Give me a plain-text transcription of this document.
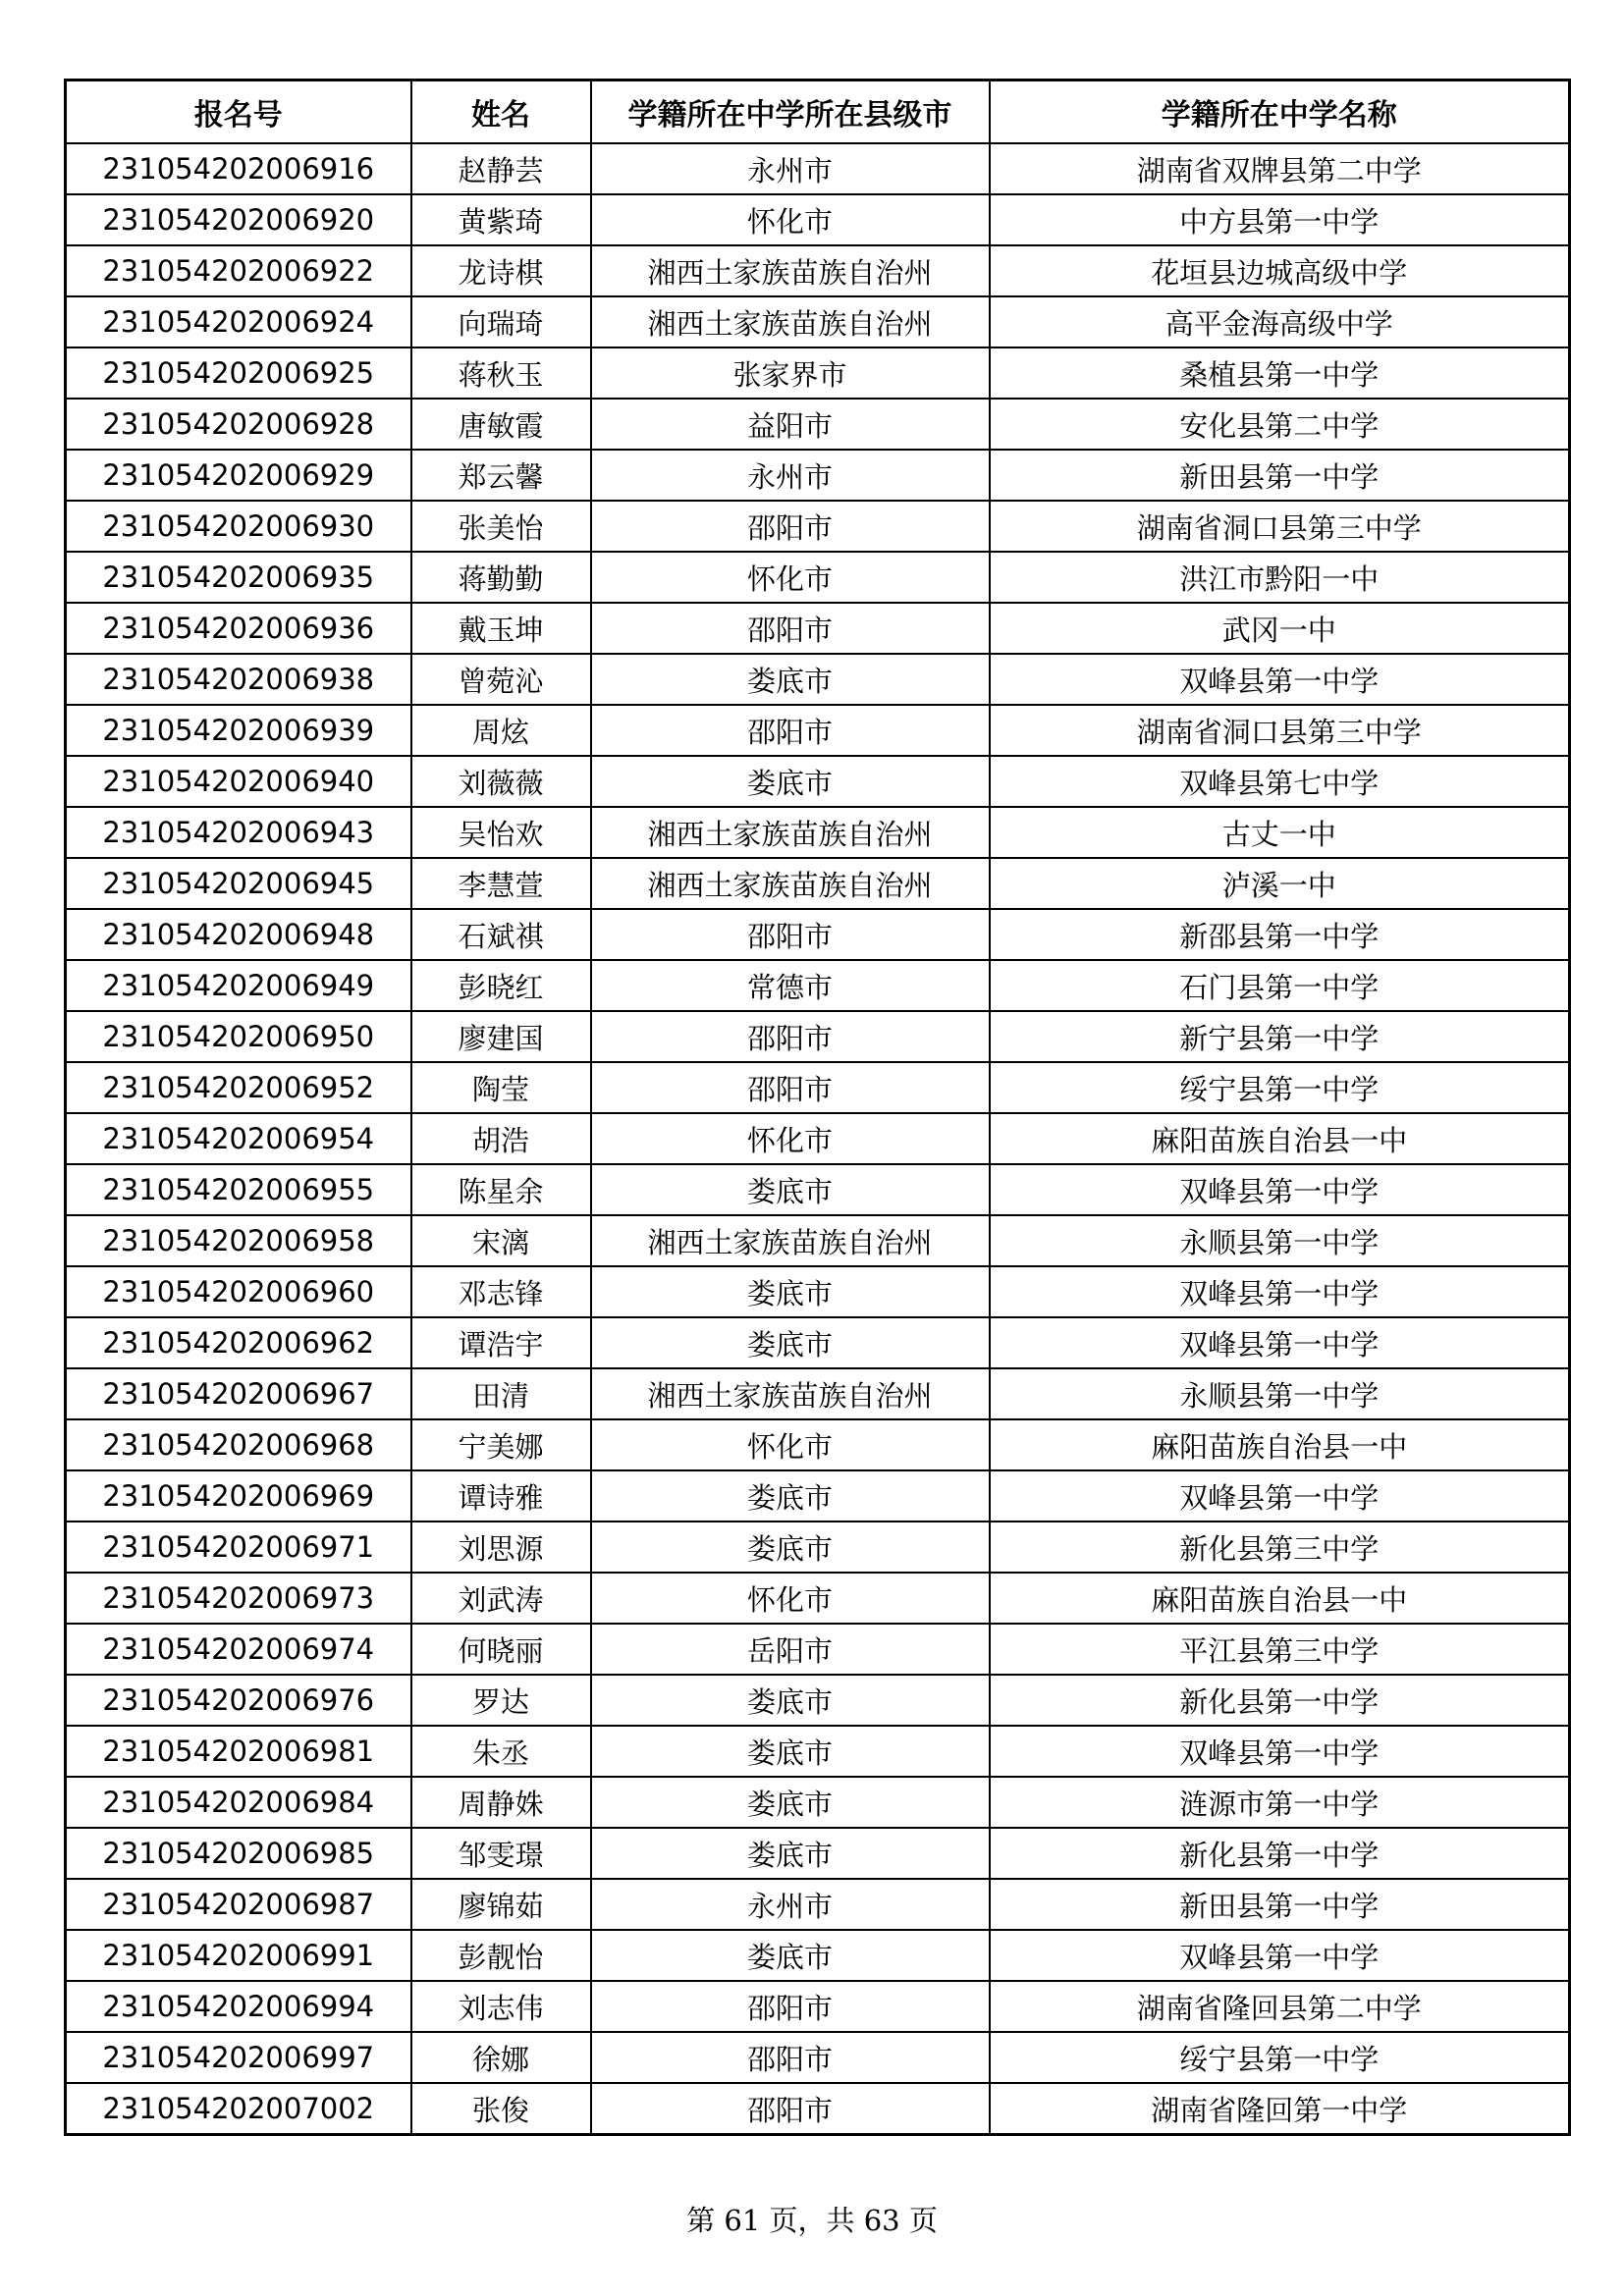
报名号	姓名	学籍所在中学所在县级市	学籍所在中学名称
231054202006916	赵静芸	永州市	湖南省双牌县第二中学
231054202006920	黄紫琦	怀化市	中方县第一中学
231054202006922	龙诗棋	湘西土家族苗族自治州	花垣县边城高级中学
231054202006924	向瑞琦	湘西土家族苗族自治州	高平金海高级中学
231054202006925	蒋秋玉	张家界市	桑植县第一中学
231054202006928	唐敏霞	益阳市	安化县第二中学
231054202006929	郑云馨	永州市	新田县第一中学
231054202006930	张美怡	邵阳市	湖南省洞口县第三中学
231054202006935	蒋勤勤	怀化市	洪江市黔阳一中
231054202006936	戴玉坤	邵阳市	武冈一中
231054202006938	曾菀沁	娄底市	双峰县第一中学
231054202006939	周炫	邵阳市	湖南省洞口县第三中学
231054202006940	刘薇薇	娄底市	双峰县第七中学
231054202006943	吴怡欢	湘西土家族苗族自治州	古丈一中
231054202006945	李慧萱	湘西土家族苗族自治州	泸溪一中
231054202006948	石斌祺	邵阳市	新邵县第一中学
231054202006949	彭晓红	常德市	石门县第一中学
231054202006950	廖建国	邵阳市	新宁县第一中学
231054202006952	陶莹	邵阳市	绥宁县第一中学
231054202006954	胡浩	怀化市	麻阳苗族自治县一中
231054202006955	陈星余	娄底市	双峰县第一中学
231054202006958	宋漓	湘西土家族苗族自治州	永顺县第一中学
231054202006960	邓志锋	娄底市	双峰县第一中学
231054202006962	谭浩宇	娄底市	双峰县第一中学
231054202006967	田清	湘西土家族苗族自治州	永顺县第一中学
231054202006968	宁美娜	怀化市	麻阳苗族自治县一中
231054202006969	谭诗雅	娄底市	双峰县第一中学
231054202006971	刘思源	娄底市	新化县第三中学
231054202006973	刘武涛	怀化市	麻阳苗族自治县一中
231054202006974	何晓丽	岳阳市	平江县第三中学
231054202006976	罗达	娄底市	新化县第一中学
231054202006981	朱丞	娄底市	双峰县第一中学
231054202006984	周静姝	娄底市	涟源市第一中学
231054202006985	邹雯璟	娄底市	新化县第一中学
231054202006987	廖锦茹	永州市	新田县第一中学
231054202006991	彭靓怡	娄底市	双峰县第一中学
231054202006994	刘志伟	邵阳市	湖南省隆回县第二中学
231054202006997	徐娜	邵阳市	绥宁县第一中学
231054202007002	张俊	邵阳市	湖南省隆回第一中学
第 61 页，共 63 页
